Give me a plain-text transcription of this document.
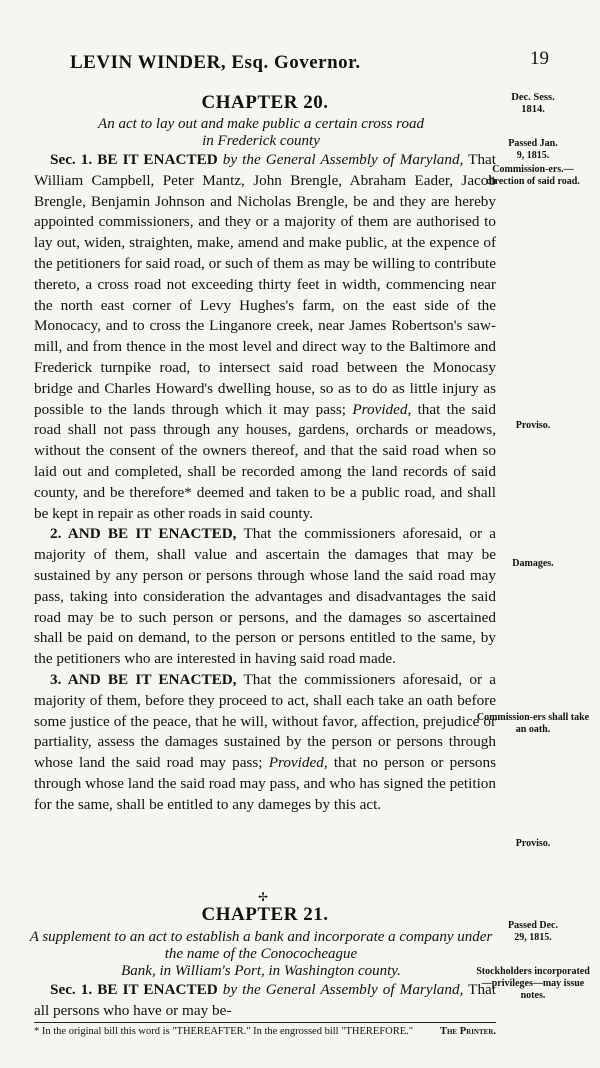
LEVIN WINDER, Esq. Governor.	19
CHAPTER 20.
An act to lay out and make public a certain cross road
in Frederick county

Sec. 1. BE IT ENACTED by the General Assembly of Maryland, That William Campbell, Peter Mantz, John Brengle, Abraham Eader, Jacob Brengle, Benjamin Johnson and Nicholas Brengle, be and they are hereby appointed commissioners, and they or a majority of them are authorised to lay out, widen, straighten, make, amend and make public, at the expence of the petitioners for said road, or such of them as may be willing to contribute thereto, a cross road not exceeding thirty feet in width, commencing near the north east corner of Levy Hughes's farm, on the east side of the Monocacy, and to cross the Linganore creek, near James Robertson's saw-mill, and from thence in the most level and direct way to the Baltimore and Frederick turnpike road, to intersect said road between the Monocasy bridge and Charles Howard's dwelling house, so as to do as little injury as possible to the lands through which it may pass; Provided, that the said road shall not pass through any houses, gardens, orchards or meadows, without the consent of the owners thereof, and that the said road when so laid out and completed, shall be recorded among the land records of said county, and be therefore* deemed and taken to be a public road, and shall be kept in repair as other roads in said county.

2. AND BE IT ENACTED, That the commissioners aforesaid, or a majority of them, shall value and ascertain the damages that may be sustained by any person or persons through whose land the said road may pass, taking into consideration the advantages and disadvantages the said road may be to such person or persons, and the damages so ascertained shall be paid on demand, to the person or persons entitled to the same, by the petitioners who are interested in having said road made.

3. AND BE IT ENACTED, That the commissioners aforesaid, or a majority of them, before they proceed to act, shall each take an oath before some justice of the peace, that he will, without favor, affection, prejudice or partiality, assess the damages sustained by the person or persons through whose land the said road may pass; Provided, that no person or persons through whose land the said road may pass, and who has signed the petition for the same, shall be entitled to any dameges by this act.

✢
CHAPTER 21.
A supplement to an act to establish a bank and incorporate a company under the name of the Conococheague
Bank, in William's Port, in Washington county.

Sec. 1. BE IT ENACTED by the General Assembly of Maryland, That all persons who have or may be-

* In the original bill this word is "THEREAFTER." In the engrossed bill "THEREFORE."	The Printer.
Dec. Sess.
1814.
Passed Jan.
9, 1815.
Commission-ers.—direction of said road.
Proviso.
Damages.
Commission-ers shall take an oath.
Proviso.
Passed Dec.
29, 1815.
Stockholders incorporated—privileges—may issue notes.
